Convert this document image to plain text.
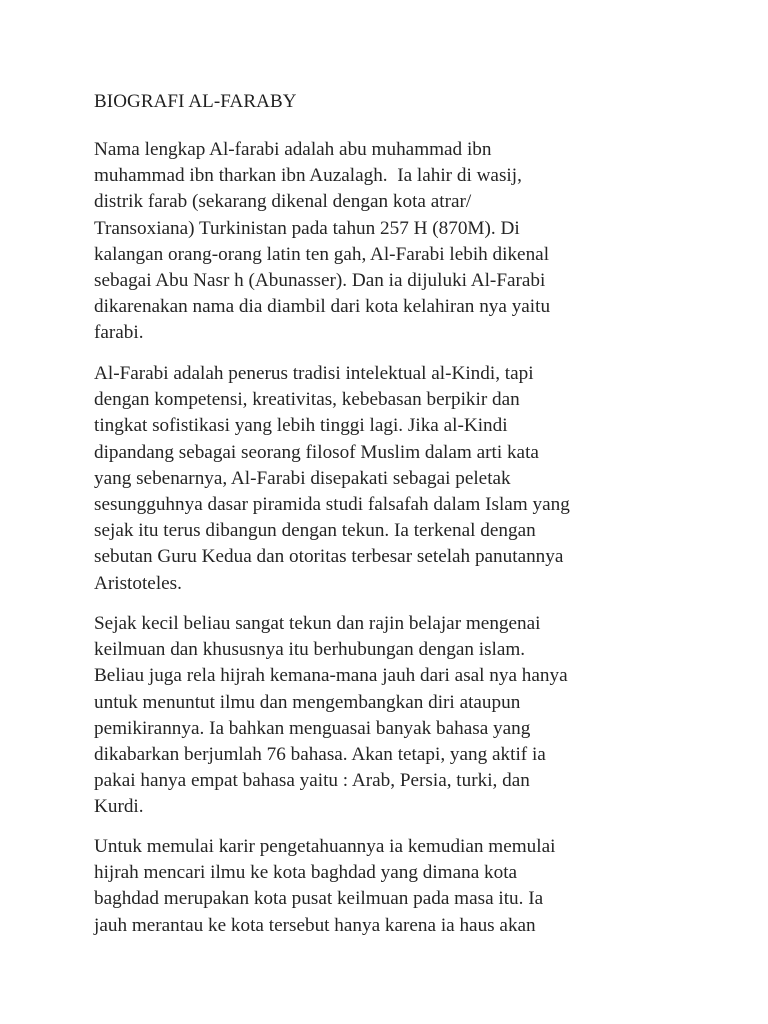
BIOGRAFI AL-FARABY

Nama lengkap Al-farabi adalah abu muhammad ibn
muhammad ibn tharkan ibn Auzalagh.  Ia lahir di wasij,
distrik farab (sekarang dikenal dengan kota atrar/
Transoxiana) Turkinistan pada tahun 257 H (870M). Di
kalangan orang-orang latin ten gah, Al-Farabi lebih dikenal
sebagai Abu Nasr h (Abunasser). Dan ia dijuluki Al-Farabi
dikarenakan nama dia diambil dari kota kelahiran nya yaitu
farabi.

Al-Farabi adalah penerus tradisi intelektual al-Kindi, tapi
dengan kompetensi, kreativitas, kebebasan berpikir dan
tingkat sofistikasi yang lebih tinggi lagi. Jika al-Kindi
dipandang sebagai seorang filosof Muslim dalam arti kata
yang sebenarnya, Al-Farabi disepakati sebagai peletak
sesungguhnya dasar piramida studi falsafah dalam Islam yang
sejak itu terus dibangun dengan tekun. Ia terkenal dengan
sebutan Guru Kedua dan otoritas terbesar setelah panutannya
Aristoteles.

Sejak kecil beliau sangat tekun dan rajin belajar mengenai
keilmuan dan khususnya itu berhubungan dengan islam.
Beliau juga rela hijrah kemana-mana jauh dari asal nya hanya
untuk menuntut ilmu dan mengembangkan diri ataupun
pemikirannya. Ia bahkan menguasai banyak bahasa yang
dikabarkan berjumlah 76 bahasa. Akan tetapi, yang aktif ia
pakai hanya empat bahasa yaitu : Arab, Persia, turki, dan
Kurdi.

Untuk memulai karir pengetahuannya ia kemudian memulai
hijrah mencari ilmu ke kota baghdad yang dimana kota
baghdad merupakan kota pusat keilmuan pada masa itu. Ia
jauh merantau ke kota tersebut hanya karena ia haus akan
